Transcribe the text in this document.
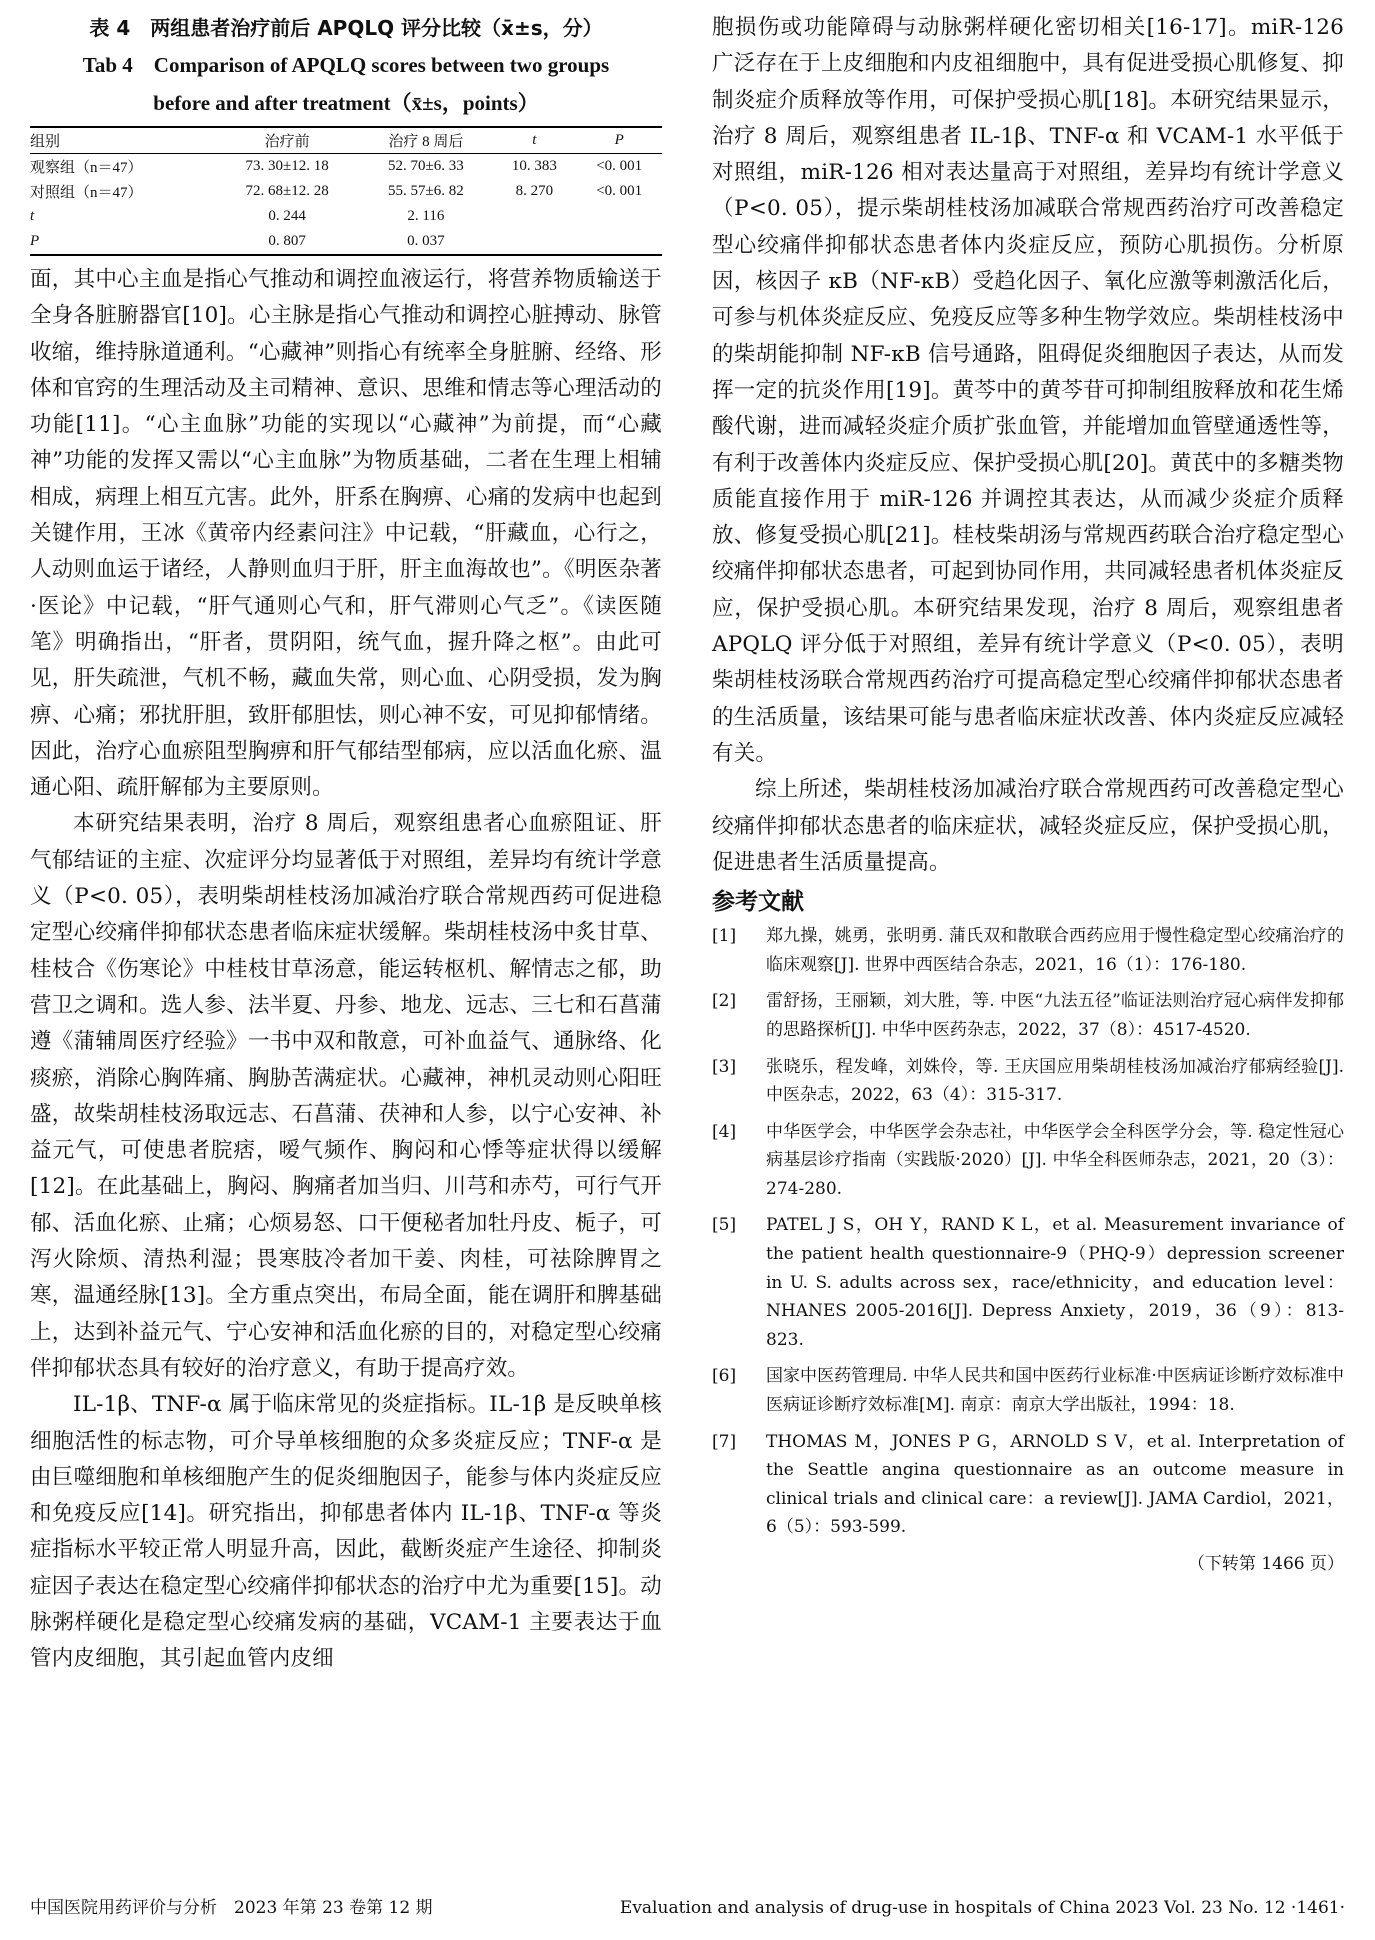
表 4　两组患者治疗前后 APQLQ 评分比较（x̄±s，分）
Tab 4　Comparison of APQLQ scores between two groups
before and after treatment（x̄±s，points）
组别	治疗前	治疗 8 周后	t	P
观察组（n＝47）	73. 30±12. 18	52. 70±6. 33	10. 383	<0. 001
对照组（n＝47）	72. 68±12. 28	55. 57±6. 82	8. 270	<0. 001
t	0. 244	2. 116		
P	0. 807	0. 037		

面，其中心主血是指心气推动和调控血液运行，将营养物质输送于全身各脏腑器官[10]。心主脉是指心气推动和调控心脏搏动、脉管收缩，维持脉道通利。“心藏神”则指心有统率全身脏腑、经络、形体和官窍的生理活动及主司精神、意识、思维和情志等心理活动的功能[11]。“心主血脉”功能的实现以“心藏神”为前提，而“心藏神”功能的发挥又需以“心主血脉”为物质基础，二者在生理上相辅相成，病理上相互亢害。此外，肝系在胸痹、心痛的发病中也起到关键作用，王冰《黄帝内经素问注》中记载，“肝藏血，心行之，人动则血运于诸经，人静则血归于肝，肝主血海故也”。《明医杂著·医论》中记载，“肝气通则心气和，肝气滞则心气乏”。《读医随笔》明确指出，“肝者，贯阴阳，统气血，握升降之枢”。由此可见，肝失疏泄，气机不畅，藏血失常，则心血、心阴受损，发为胸痹、心痛；邪扰肝胆，致肝郁胆怯，则心神不安，可见抑郁情绪。因此，治疗心血瘀阻型胸痹和肝气郁结型郁病，应以活血化瘀、温通心阳、疏肝解郁为主要原则。

本研究结果表明，治疗 8 周后，观察组患者心血瘀阻证、肝气郁结证的主症、次症评分均显著低于对照组，差异均有统计学意义（P<0. 05），表明柴胡桂枝汤加减治疗联合常规西药可促进稳定型心绞痛伴抑郁状态患者临床症状缓解。柴胡桂枝汤中炙甘草、桂枝合《伤寒论》中桂枝甘草汤意，能运转枢机、解情志之郁，助营卫之调和。选人参、法半夏、丹参、地龙、远志、三七和石菖蒲遵《蒲辅周医疗经验》一书中双和散意，可补血益气、通脉络、化痰瘀，消除心胸阵痛、胸胁苦满症状。心藏神，神机灵动则心阳旺盛，故柴胡桂枝汤取远志、石菖蒲、茯神和人参，以宁心安神、补益元气，可使患者脘痞，嗳气频作、胸闷和心悸等症状得以缓解[12]。在此基础上，胸闷、胸痛者加当归、川芎和赤芍，可行气开郁、活血化瘀、止痛；心烦易怒、口干便秘者加牡丹皮、栀子，可泻火除烦、清热利湿；畏寒肢冷者加干姜、肉桂，可祛除脾胃之寒，温通经脉[13]。全方重点突出，布局全面，能在调肝和脾基础上，达到补益元气、宁心安神和活血化瘀的目的，对稳定型心绞痛伴抑郁状态具有较好的治疗意义，有助于提高疗效。

IL-1β、TNF-α 属于临床常见的炎症指标。IL-1β 是反映单核细胞活性的标志物，可介导单核细胞的众多炎症反应；TNF-α 是由巨噬细胞和单核细胞产生的促炎细胞因子，能参与体内炎症反应和免疫反应[14]。研究指出，抑郁患者体内 IL-1β、TNF-α 等炎症指标水平较正常人明显升高，因此，截断炎症产生途径、抑制炎症因子表达在稳定型心绞痛伴抑郁状态的治疗中尤为重要[15]。动脉粥样硬化是稳定型心绞痛发病的基础，VCAM-1 主要表达于血管内皮细胞，其引起血管内皮细

胞损伤或功能障碍与动脉粥样硬化密切相关[16-17]。miR-126 广泛存在于上皮细胞和内皮祖细胞中，具有促进受损心肌修复、抑制炎症介质释放等作用，可保护受损心肌[18]。本研究结果显示，治疗 8 周后，观察组患者 IL-1β、TNF-α 和 VCAM-1 水平低于对照组，miR-126 相对表达量高于对照组，差异均有统计学意义（P<0. 05），提示柴胡桂枝汤加减联合常规西药治疗可改善稳定型心绞痛伴抑郁状态患者体内炎症反应，预防心肌损伤。分析原因，核因子 κB（NF-κB）受趋化因子、氧化应激等刺激活化后，可参与机体炎症反应、免疫反应等多种生物学效应。柴胡桂枝汤中的柴胡能抑制 NF-κB 信号通路，阻碍促炎细胞因子表达，从而发挥一定的抗炎作用[19]。黄芩中的黄芩苷可抑制组胺释放和花生烯酸代谢，进而减轻炎症介质扩张血管，并能增加血管壁通透性等，有利于改善体内炎症反应、保护受损心肌[20]。黄芪中的多糖类物质能直接作用于 miR-126 并调控其表达，从而减少炎症介质释放、修复受损心肌[21]。桂枝柴胡汤与常规西药联合治疗稳定型心绞痛伴抑郁状态患者，可起到协同作用，共同减轻患者机体炎症反应，保护受损心肌。本研究结果发现，治疗 8 周后，观察组患者 APQLQ 评分低于对照组，差异有统计学意义（P<0. 05），表明柴胡桂枝汤联合常规西药治疗可提高稳定型心绞痛伴抑郁状态患者的生活质量，该结果可能与患者临床症状改善、体内炎症反应减轻有关。

综上所述，柴胡桂枝汤加减治疗联合常规西药可改善稳定型心绞痛伴抑郁状态患者的临床症状，减轻炎症反应，保护受损心肌，促进患者生活质量提高。

参考文献
[1] 郑九操，姚勇，张明勇. 蒲氏双和散联合西药应用于慢性稳定型心绞痛治疗的临床观察[J]. 世界中西医结合杂志，2021，16（1）：176-180.
[2] 雷舒扬，王丽颖，刘大胜，等. 中医“九法五径”临证法则治疗冠心病伴发抑郁的思路探析[J]. 中华中医药杂志，2022，37（8）：4517-4520.
[3] 张晓乐，程发峰，刘姝伶，等. 王庆国应用柴胡桂枝汤加减治疗郁病经验[J]. 中医杂志，2022，63（4）：315-317.
[4] 中华医学会，中华医学会杂志社，中华医学会全科医学分会，等. 稳定性冠心病基层诊疗指南（实践版·2020）[J]. 中华全科医师杂志，2021，20（3）：274-280.
[5] PATEL J S，OH Y，RAND K L，et al. Measurement invariance of the patient health questionnaire-9（PHQ-9）depression screener in U. S. adults across sex，race/ethnicity，and education level：NHANES 2005-2016[J]. Depress Anxiety，2019，36（9）：813-823.
[6] 国家中医药管理局. 中华人民共和国中医药行业标准·中医病证诊断疗效标准中医病证诊断疗效标准[M]. 南京：南京大学出版社，1994：18.
[7] THOMAS M，JONES P G，ARNOLD S V，et al. Interpretation of the Seattle angina questionnaire as an outcome measure in clinical trials and clinical care：a review[J]. JAMA Cardiol，2021，6（5）：593-599.
（下转第 1466 页）
中国医院用药评价与分析　2023 年第 23 卷第 12 期	Evaluation and analysis of drug-use in hospitals of China 2023 Vol. 23 No. 12 ·1461·
